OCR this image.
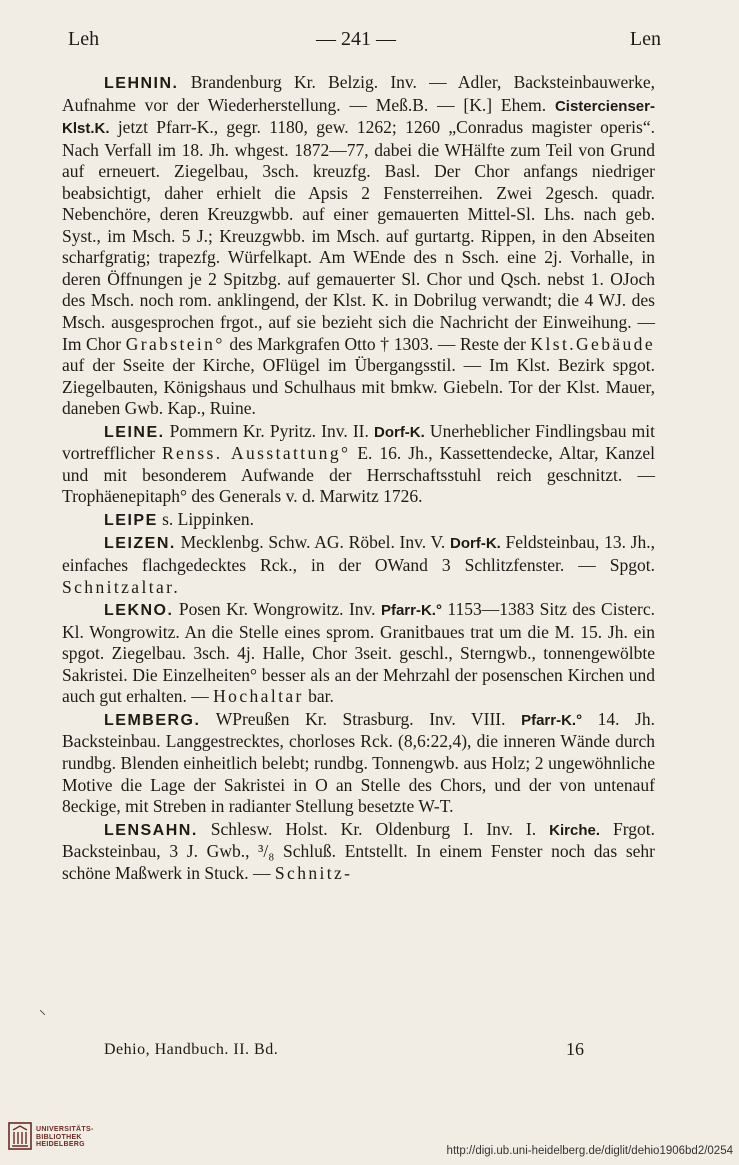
Leh	— 241 —	Len

LEHNIN. Brandenburg Kr. Belzig. Inv. — Adler, Backsteinbauwerke, Aufnahme vor der Wiederherstellung. — Meß.B. — [K.] Ehem. Cistercienser-Klst.K. jetzt Pfarr-K., gegr. 1180, gew. 1262; 1260 „Conradus magister operis“. Nach Verfall im 18. Jh. whgest. 1872—77, dabei die WHälfte zum Teil von Grund auf erneuert. Ziegelbau, 3sch. kreuzfg. Basl. Der Chor anfangs niedriger beabsichtigt, daher erhielt die Apsis 2 Fensterreihen. Zwei 2gesch. quadr. Nebenchöre, deren Kreuzgwbb. auf einer gemauerten Mittel-Sl. Lhs. nach geb. Syst., im Msch. 5 J.; Kreuzgwbb. im Msch. auf gurtartg. Rippen, in den Abseiten scharfgratig; trapezfg. Würfelkapt. Am WEnde des n Ssch. eine 2j. Vorhalle, in deren Öffnungen je 2 Spitzbg. auf gemauerter Sl. Chor und Qsch. nebst 1. OJoch des Msch. noch rom. anklingend, der Klst. K. in Dobrilug verwandt; die 4 WJ. des Msch. ausgesprochen frgot., auf sie bezieht sich die Nachricht der Einweihung. — Im Chor Grabstein° des Markgrafen Otto † 1303. — Reste der Klst.Gebäude auf der Sseite der Kirche, OFlügel im Übergangsstil. — Im Klst. Bezirk spgot. Ziegelbauten, Königshaus und Schulhaus mit bmkw. Giebeln. Tor der Klst. Mauer, daneben Gwb. Kap., Ruine.

LEINE. Pommern Kr. Pyritz. Inv. II. Dorf-K. Unerheblicher Findlingsbau mit vortrefflicher Renss. Ausstattung° E. 16. Jh., Kassettendecke, Altar, Kanzel und mit besonderem Aufwande der Herrschaftsstuhl reich geschnitzt. — Trophäenepitaph° des Generals v. d. Marwitz 1726.

LEIPE s. Lippinken.

LEIZEN. Mecklenbg. Schw. AG. Röbel. Inv. V. Dorf-K. Feldsteinbau, 13. Jh., einfaches flachgedecktes Rck., in der OWand 3 Schlitzfenster. — Spgot. Schnitzaltar.

LEKNO. Posen Kr. Wongrowitz. Inv. Pfarr-K.° 1153—1383 Sitz des Cisterc. Kl. Wongrowitz. An die Stelle eines sprom. Granitbaues trat um die M. 15. Jh. ein spgot. Ziegelbau. 3sch. 4j. Halle, Chor 3seit. geschl., Sterngwb., tonnengewölbte Sakristei. Die Einzelheiten° besser als an der Mehrzahl der posenschen Kirchen und auch gut erhalten. — Hochaltar bar.

LEMBERG. WPreußen Kr. Strasburg. Inv. VIII. Pfarr-K.° 14. Jh. Backsteinbau. Langgestrecktes, chorloses Rck. (8,6:22,4), die inneren Wände durch rundbg. Blenden einheitlich belebt; rundbg. Tonnengwb. aus Holz; 2 ungewöhnliche Motive die Lage der Sakristei in O an Stelle des Chors, und der von untenauf 8eckige, mit Streben in radianter Stellung besetzte W-T.

LENSAHN. Schlesw. Holst. Kr. Oldenburg I. Inv. I. Kirche. Frgot. Backsteinbau, 3 J. Gwb., ³/₈ Schluß. Entstellt. In einem Fenster noch das sehr schöne Maßwerk in Stuck. — Schnitz-

⸜
Dehio, Handbuch. II. Bd.	16
UNIVERSITÄTS-
BIBLIOTHEK
HEIDELBERG
http://digi.ub.uni-heidelberg.de/diglit/dehio1906bd2/0254
